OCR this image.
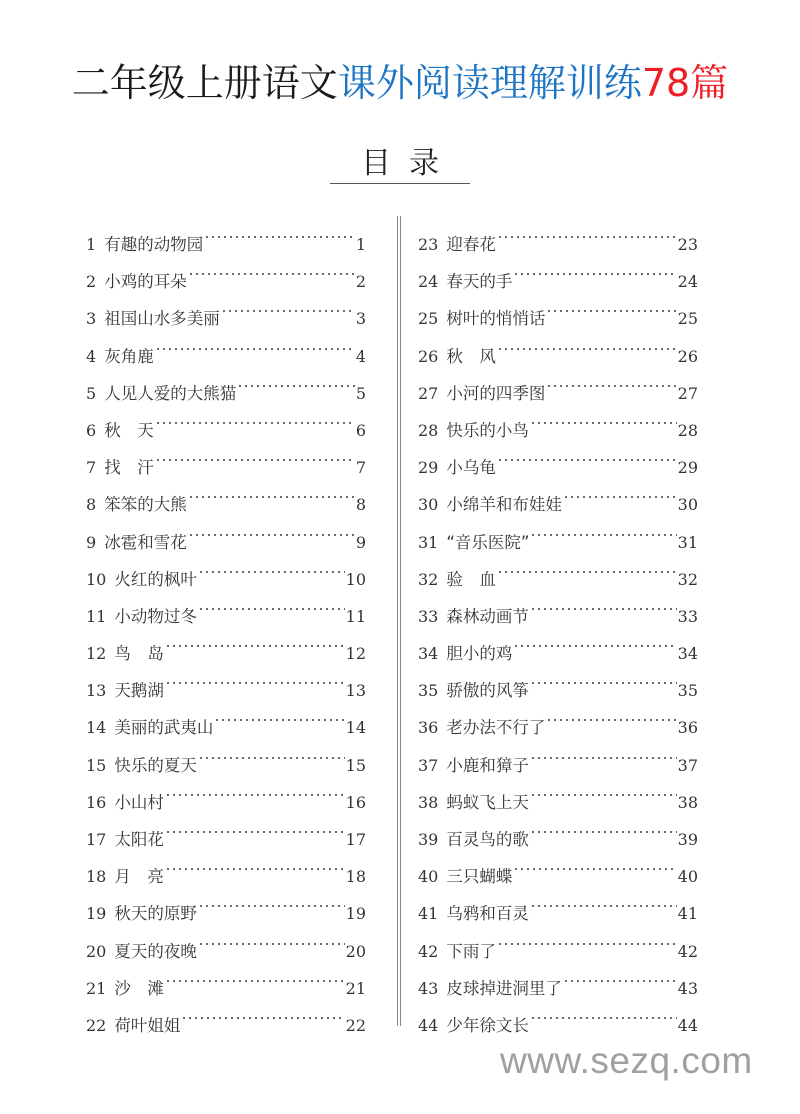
二年级上册语文课外阅读理解训练78篇
目录
1 有趣的动物园	1
2 小鸡的耳朵	2
3 祖国山水多美丽	3
4 灰角鹿	4
5 人见人爱的大熊猫	5
6 秋　天	6
7 找　汗	7
8 笨笨的大熊	8
9 冰雹和雪花	9
10 火红的枫叶	10
11 小动物过冬	11
12 鸟　岛	12
13 天鹅湖	13
14 美丽的武夷山	14
15 快乐的夏天	15
16 小山村	16
17 太阳花	17
18 月　亮	18
19 秋天的原野	19
20 夏天的夜晚	20
21 沙　滩	21
22 荷叶姐姐	22
23 迎春花	23
24 春天的手	24
25 树叶的悄悄话	25
26 秋　风	26
27 小河的四季图	27
28 快乐的小鸟	28
29 小乌龟	29
30 小绵羊和布娃娃	30
31 “音乐医院”	31
32 验　血	32
33 森林动画节	33
34 胆小的鸡	34
35 骄傲的风筝	35
36 老办法不行了	36
37 小鹿和獐子	37
38 蚂蚁飞上天	38
39 百灵鸟的歌	39
40 三只蝴蝶	40
41 乌鸦和百灵	41
42 下雨了	42
43 皮球掉进洞里了	43
44 少年徐文长	44
www.sezq.com
